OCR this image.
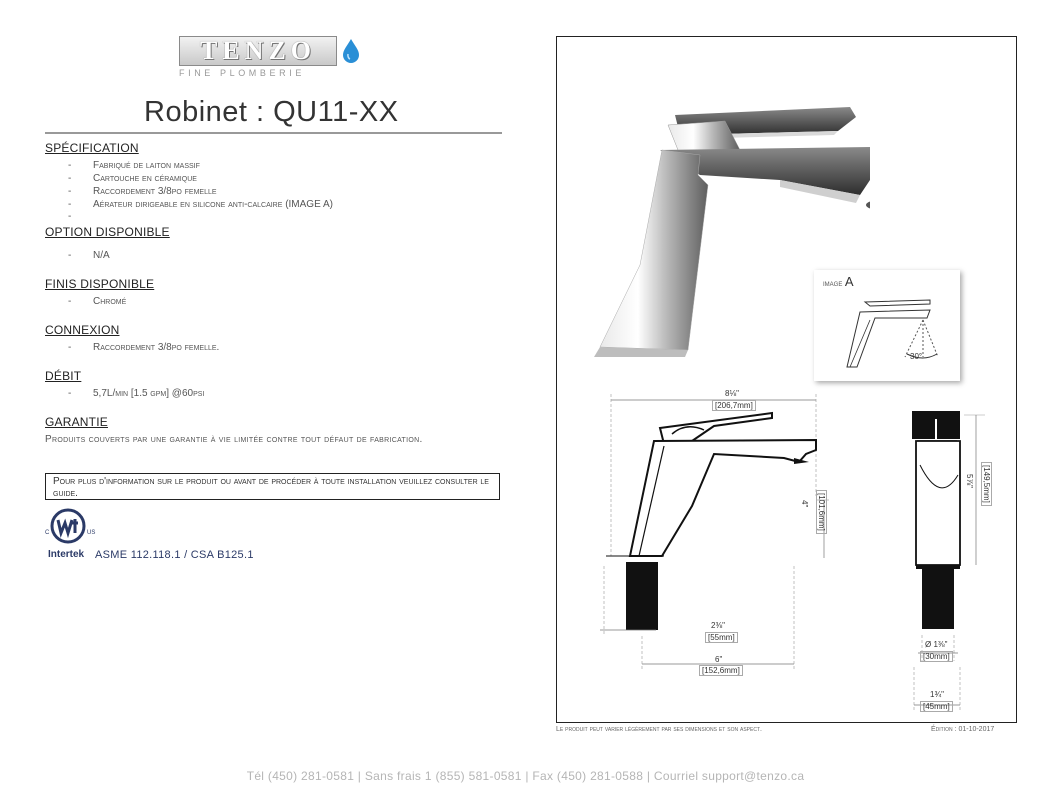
TENZO
FINE PLOMBERIE
Robinet : QU11-XX
SPÉCIFICATION
- Fabriqué de laiton massif
- Cartouche en céramique
- Raccordement 3/8po femelle
- Aérateur dirigeable en silicone anti-calcaire (IMAGE A)
-
OPTION DISPONIBLE
- N/A
FINIS DISPONIBLE
- Chromé
CONNEXION
- Raccordement 3/8po femelle.
DÉBIT
- 5,7L/min [1.5 gpm] @60psi
GARANTIE
Produits couverts par une garantie à vie limitée contre tout défaut de fabrication.
Pour plus d'information sur le produit ou avant de procéder à toute installation veuillez consulter le guide.
C	US
Intertek ASME 112.118.1 / CSA B125.1
image A
30°
8⅛"
[206,7mm]
4" [101,6mm]
2⅜"
[55mm]
6"
[152,6mm]
5⅞" [149,5mm]
Ø 1⅜"
[30mm]
1¾"
[45mm]
Le produit peut varier légèrement par ses dimensions et son aspect.	Édition : 01-10-2017
Tél (450) 281-0581 | Sans frais 1 (855) 581-0581 | Fax (450) 281-0588 | Courriel support@tenzo.ca
